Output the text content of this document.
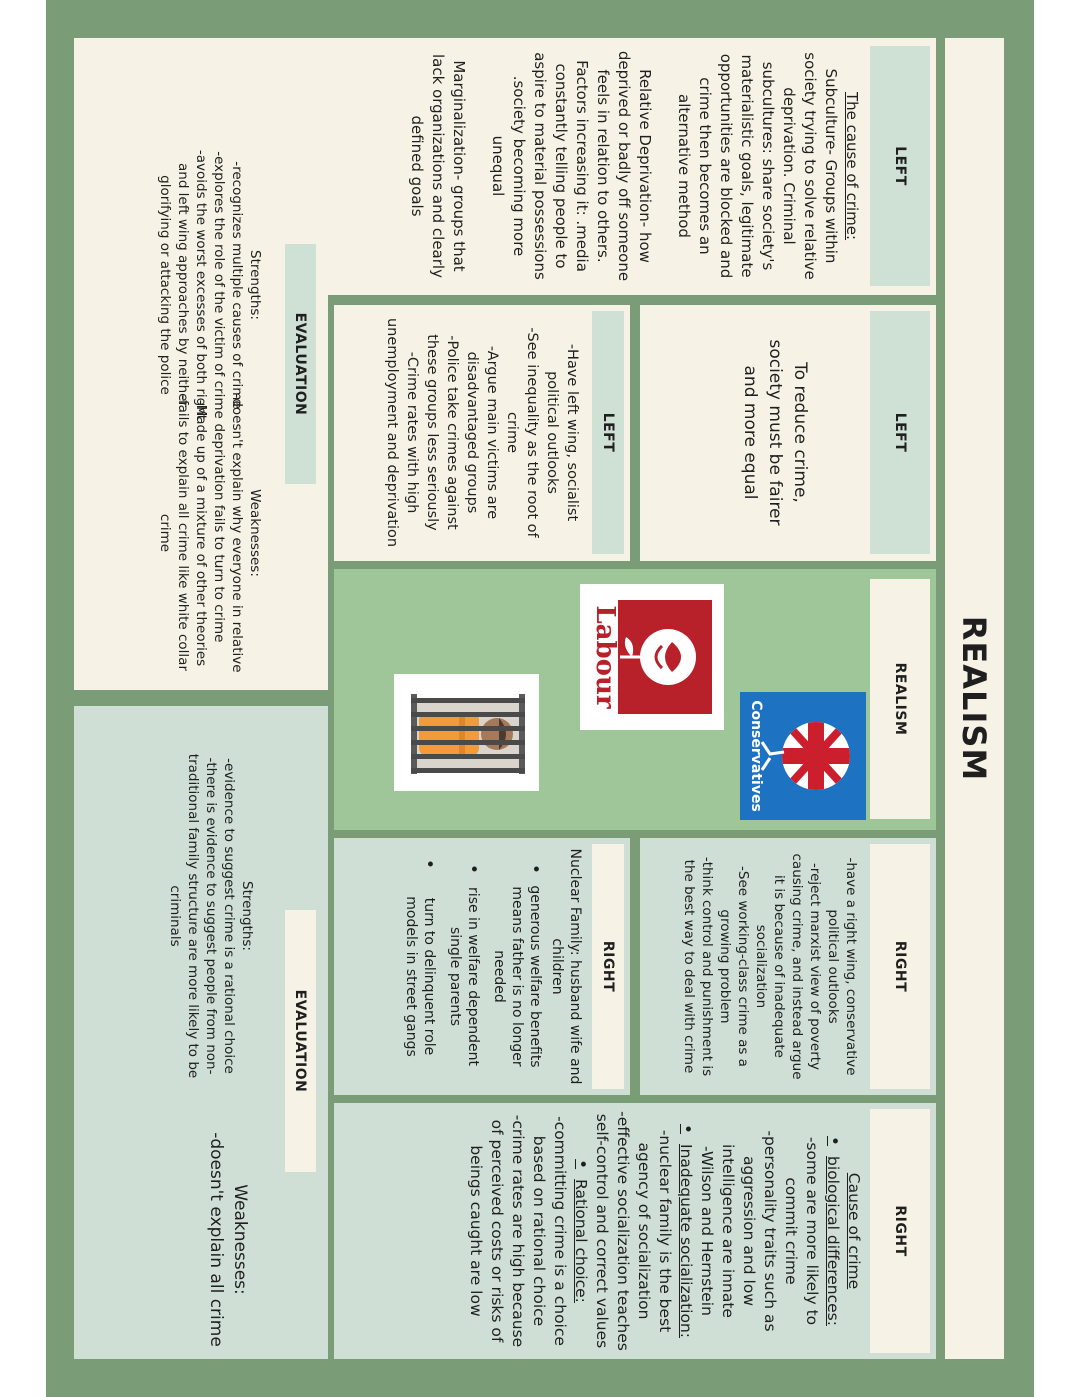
REALISM
LEFT
The cause of crime:
Subculture- Groups within
society trying to solve relative
deprivation. Criminal
subcultures: share society's
materialistic goals, legitimate
opportunities are blocked and
crime then becomes an
alternative method
Relative Deprivation- how
deprived or badly off someone
feels in relation to others.
Factors increasing it: .media
constantly telling people to
aspire to material possessions
.society becoming more
unequal
Marginalization- groups that
lack organizations and clearly
defined goals
LEFT
To reduce crime,
society must be fairer
and more equal
LEFT
-Have left wing, socialist
political outlooks
-See inequality as the root of
crime
-Argue main victims are
disadvantaged groups
-Police take crimes against
these groups less seriously
-Crime rates with high
unemployment and deprivation
EVALUATION
Strengths:
-recognizes multiple causes of crime
-explores the role of the victim of crime
-avoids the worst excesses of both right
and left wing approaches by neither
glorifying or attacking the police
Weaknesses:
-doesn't explain why everyone in relative
deprivation fails to turn to crime
-Made up of a mixture of other theories
-fails to explain all crime like white collar
crime
REALISM
Conservatives
Labour
RIGHT
-have a right wing, conservative
political outlooks
-reject marxist view of poverty
causing crime, and instead argue
it is because of inadequate
socialization
-See working-class crime as a
growing problem
-think control and punishment is
the best way to deal with crime
RIGHT
Nuclear Family: husband wife and children
• generous welfare benefits means father is no longer needed
• rise in welfare dependent single parents
• turn to delinquent role models in street gangs
RIGHT
Cause of crime
• biological differences:
-some are more likely to
commit crime
-personality traits such as
aggression and low
intelligence are innate
-Wilson and Hernstein
• Inadequate socialization:
-nuclear family is the best
agency of socialization
-effective socialization teaches
self-control and correct values
• Rational choice:
-committing crime is a choice
based on rational choice
-crime rates are high because
of perceived costs or risks of
beings caught are low
EVALUATION
Strengths:
-evidence to suggest crime is a rational choice
-there is evidence to suggest people from non-
traditional family structure are more likely to be
criminals
Weaknesses:
-doesn't explain all crime
